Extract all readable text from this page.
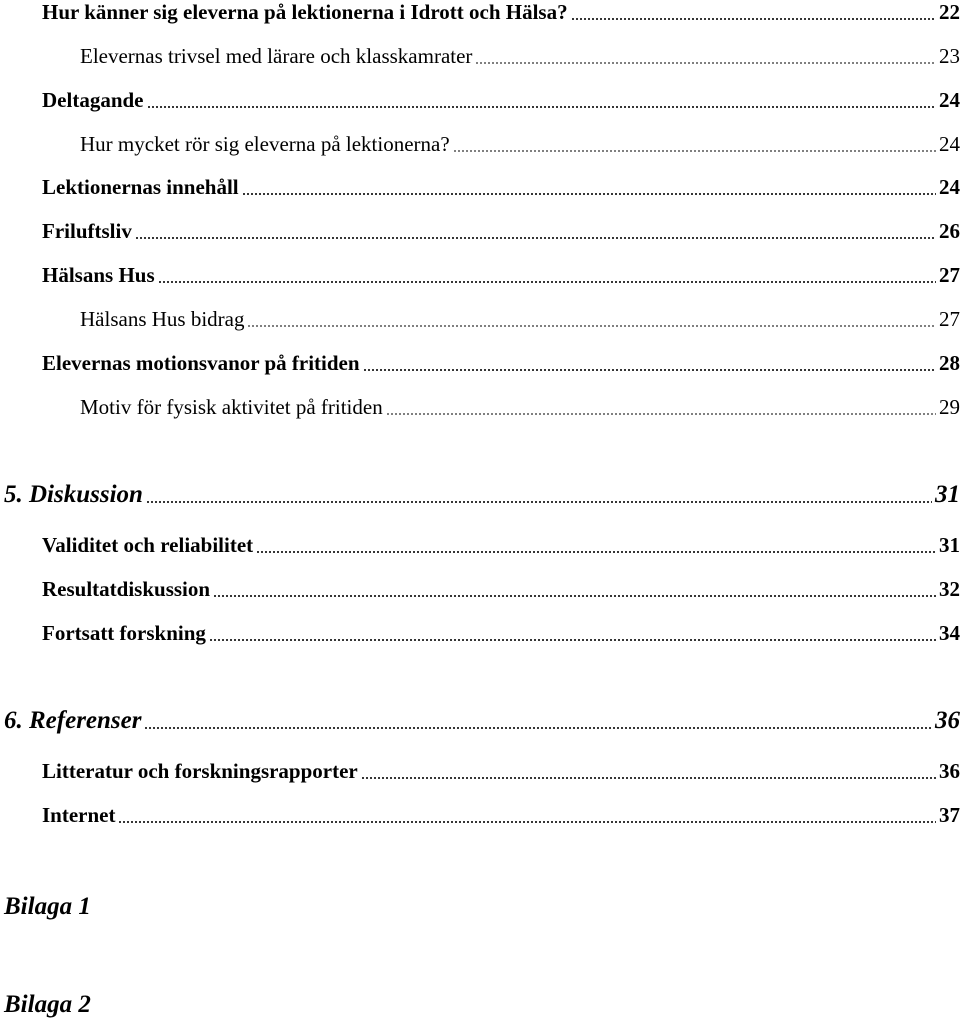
Hur känner sig eleverna på lektionerna i Idrott och Hälsa?	22
Elevernas trivsel med lärare och klasskamrater	23
Deltagande	24
Hur mycket rör sig eleverna på lektionerna?	24
Lektionernas innehåll	24
Friluftsliv	26
Hälsans Hus	27
Hälsans Hus bidrag	27
Elevernas motionsvanor på fritiden	28
Motiv för fysisk aktivitet på fritiden	29
5. Diskussion	31
Validitet och reliabilitet	31
Resultatdiskussion	32
Fortsatt forskning	34
6. Referenser	36
Litteratur och forskningsrapporter	36
Internet	37
Bilaga 1
Bilaga 2
